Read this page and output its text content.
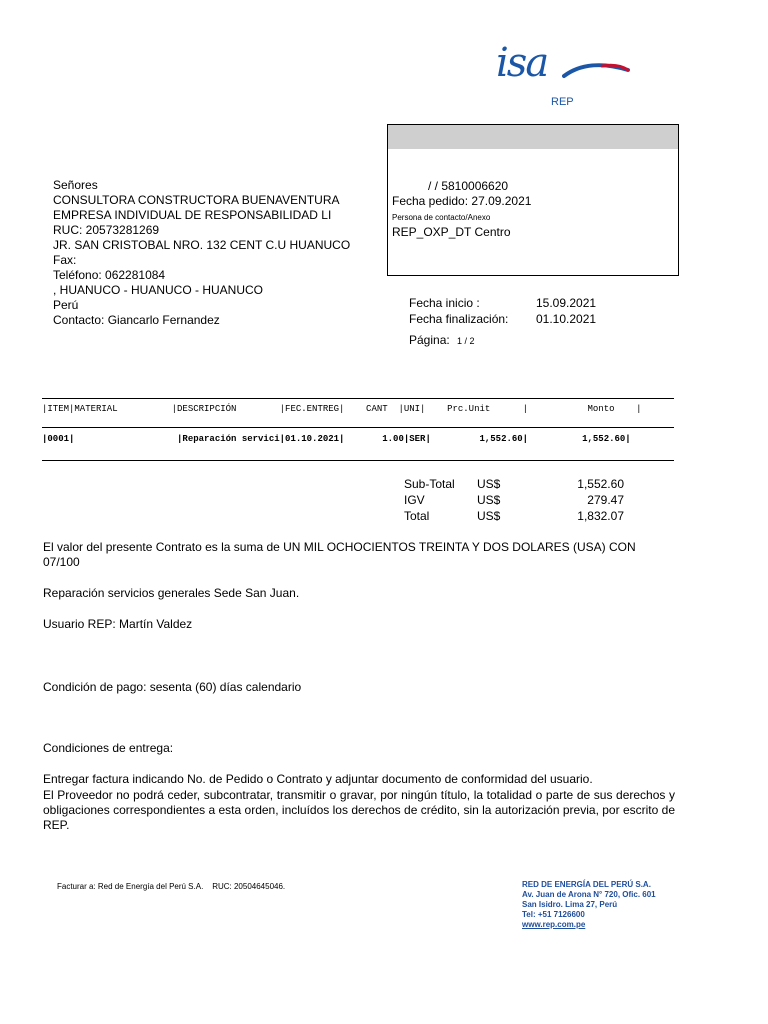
isa
REP
Señores
CONSULTORA CONSTRUCTORA BUENAVENTURA
EMPRESA INDIVIDUAL DE RESPONSABILIDAD LI
RUC: 20573281269
JR. SAN CRISTOBAL NRO. 132 CENT C.U HUANUCO
Fax:
Teléfono: 062281084
, HUANUCO - HUANUCO - HUANUCO
Perú
Contacto: Giancarlo Fernandez
/ / 5810006620
Fecha pedido: 27.09.2021
Persona de contacto/Anexo
REP_OXP_DT Centro
Fecha inicio :	15.09.2021
Fecha finalización: 01.10.2021
Página: 1 / 2
|ITEM|MATERIAL          |DESCRIPCIÓN        |FEC.ENTREG|    CANT  |UNI|    Prc.Unit      |           Monto    |
|0001|                   |Reparación servici|01.10.2021|       1.00|SER|         1,552.60|          1,552.60|
Sub-Total US$	1,552.60
IGV	US$	279.47
Total	US$	1,832.07
El valor del presente Contrato es la suma de UN MIL OCHOCIENTOS TREINTA Y DOS DOLARES (USA) CON 07/100
Reparación servicios generales Sede San Juan.
Usuario REP: Martín Valdez
Condición de pago: sesenta (60) días calendario
Condiciones de entrega:
Entregar factura indicando No. de Pedido o Contrato y adjuntar documento de conformidad del usuario.
El Proveedor no podrá ceder, subcontratar, transmitir o gravar, por ningún título, la totalidad o parte de sus derechos y obligaciones correspondientes a esta orden, incluídos los derechos de crédito, sin la autorización previa, por escrito de REP.
Facturar a: Red de Energía del Perú S.A.    RUC: 20504645046.	RED DE ENERGÍA DEL PERÚ S.A.
Av. Juan de Arona N° 720, Ofic. 601
San Isidro. Lima 27, Perú
Tel: +51 7126600
www.rep.com.pe
